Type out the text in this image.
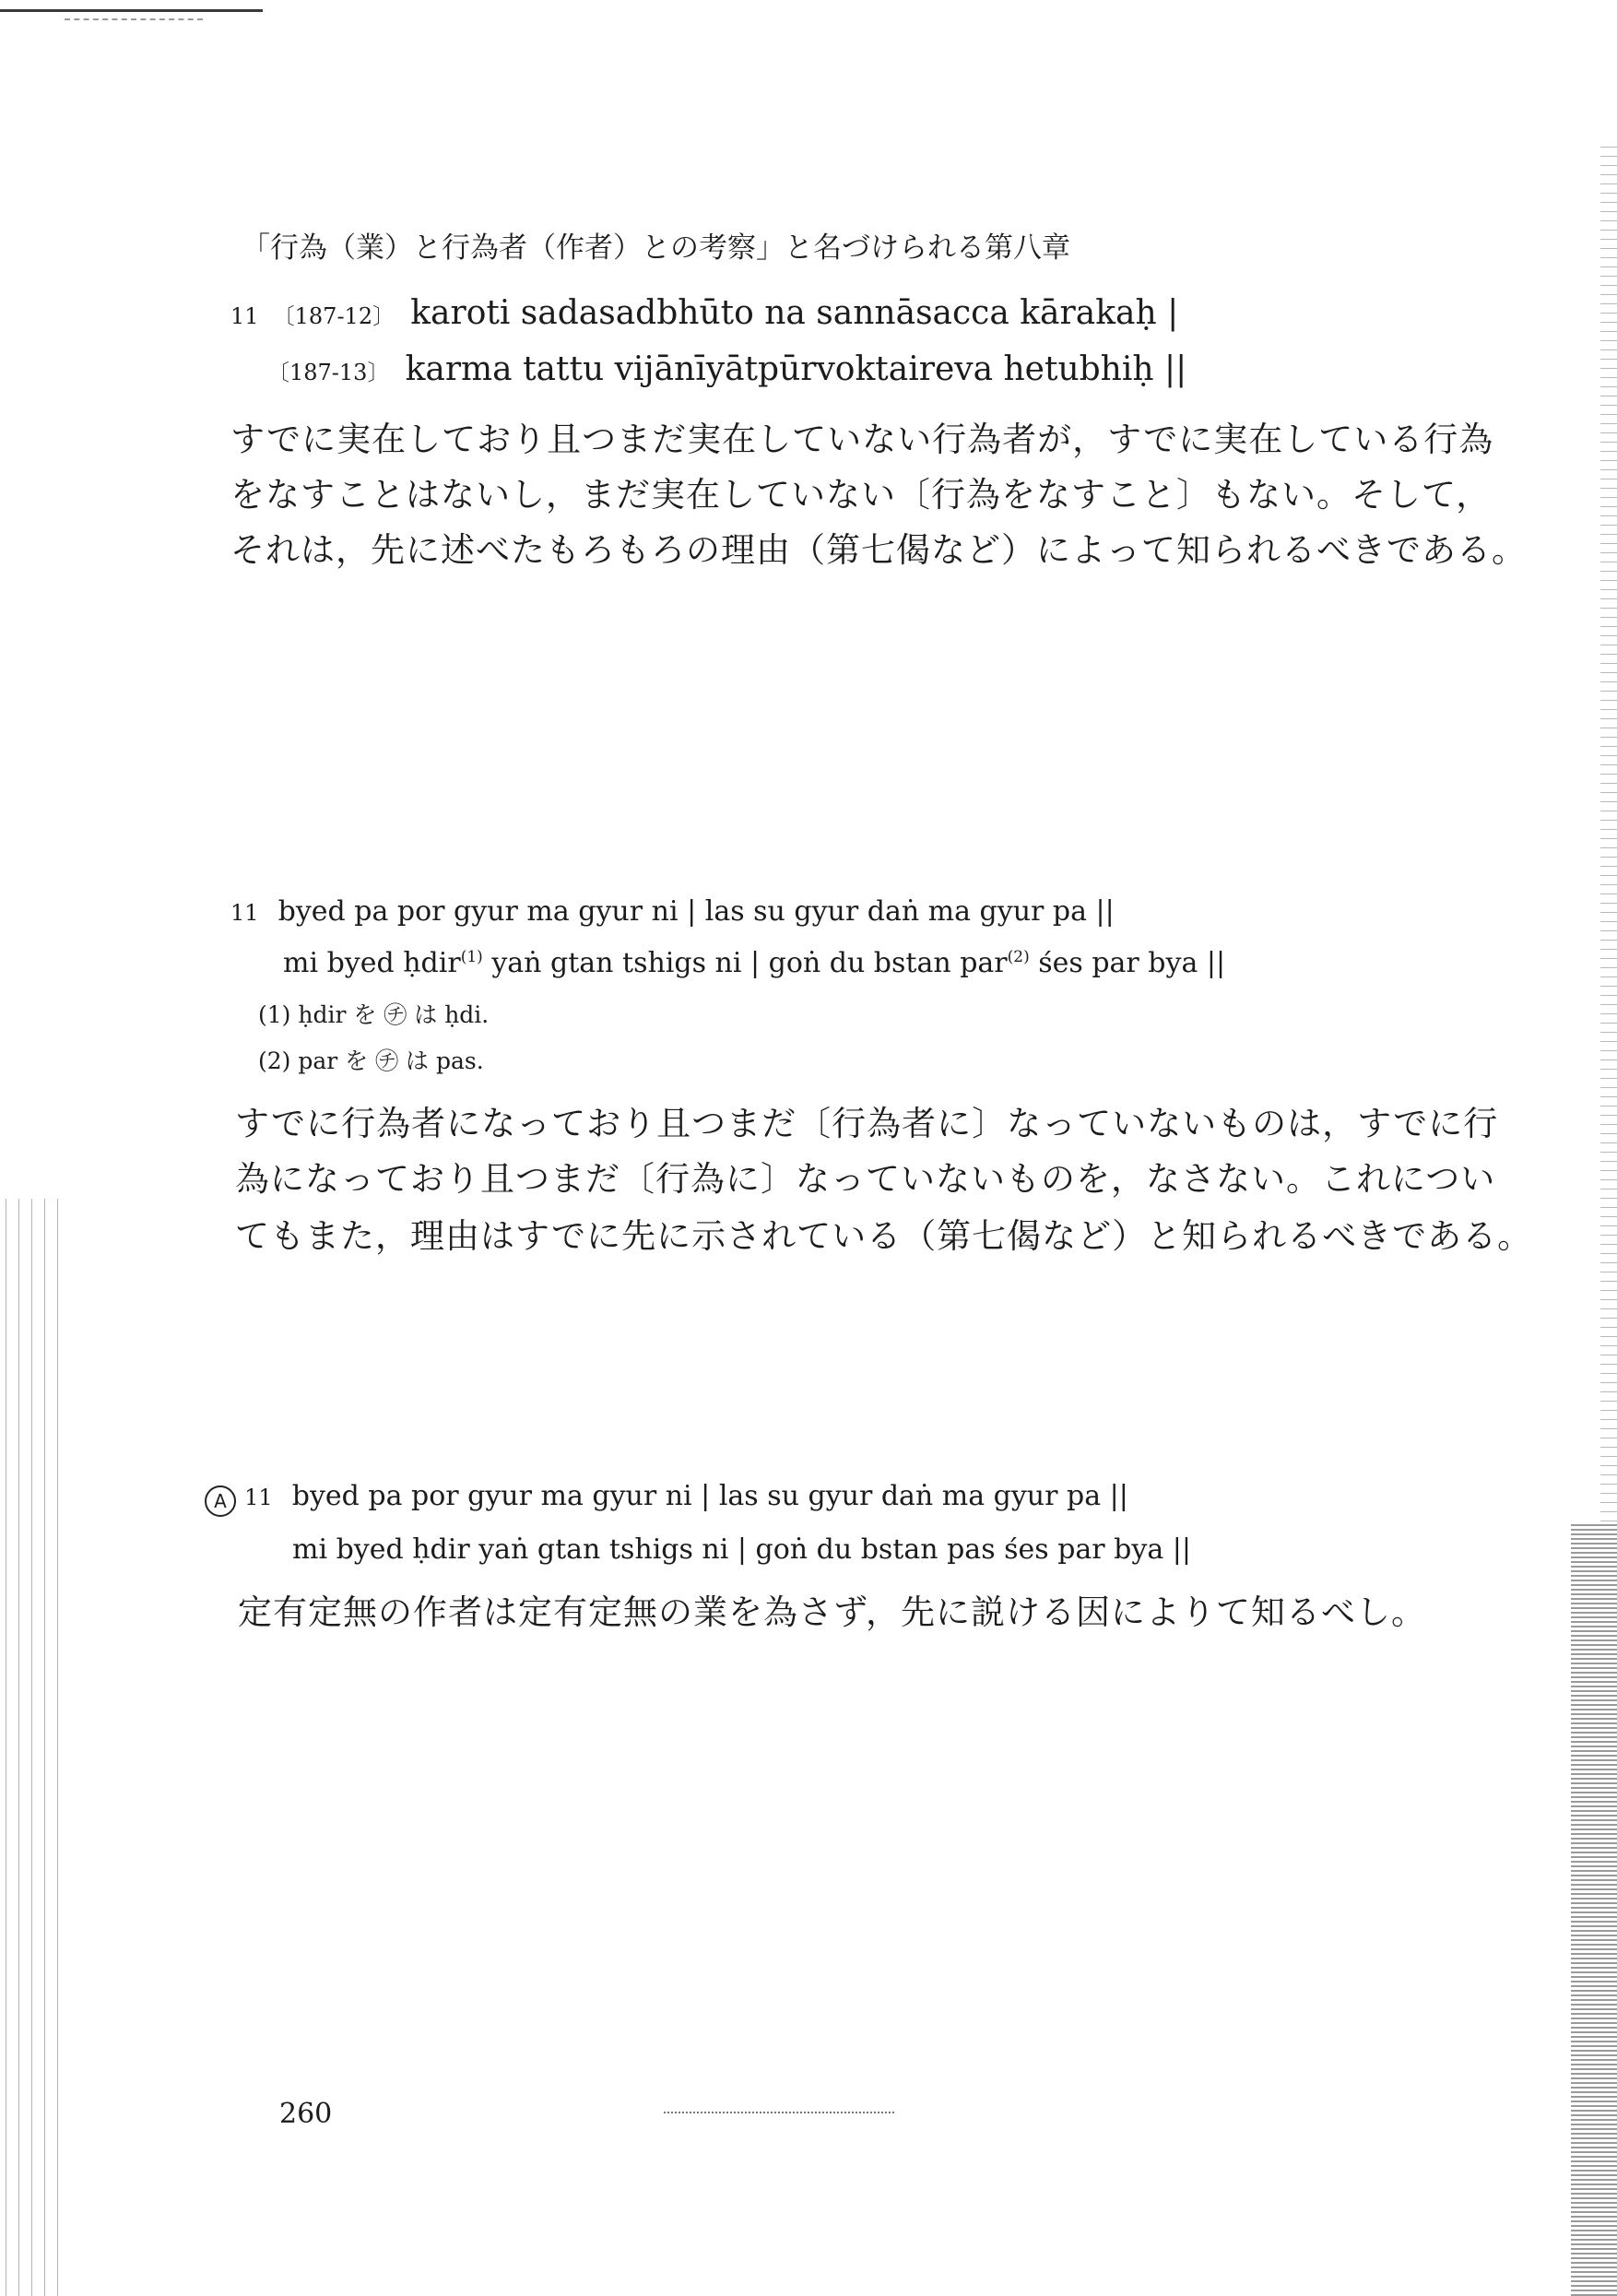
「行為（業）と行為者（作者）との考察」と名づけられる第八章
11 〔187-12〕 karoti sadasadbhūto na sannāsacca kārakaḥ |
〔187-13〕 karma tattu vijānīyātpūrvoktaireva hetubhiḥ ||
すでに実在しており且つまだ実在していない行為者が，すでに実在している行為
をなすことはないし，まだ実在していない〔行為をなすこと〕もない。そして，
それは，先に述べたもろもろの理由（第七偈など）によって知られるべきである。
11 byed pa por gyur ma gyur ni | las su gyur daṅ ma gyur pa ||
mi byed ḥdir$^{(1)}$ yaṅ gtan tshigs ni | goṅ du bstan par$^{(2)}$ śes par bya ||
(1) ḥdir を ㋠ は ḥdi.
(2) par を ㋠ は pas.
すでに行為者になっており且つまだ〔行為者に〕なっていないものは，すでに行
為になっており且つまだ〔行為に〕なっていないものを，なさない。これについ
てもまた，理由はすでに先に示されている（第七偈など）と知られるべきである。
A 11 byed pa por gyur ma gyur ni | las su gyur daṅ ma gyur pa ||
mi byed ḥdir yaṅ gtan tshigs ni | goṅ du bstan pas śes par bya ||
定有定無の作者は定有定無の業を為さず，先に説ける因によりて知るべし。
260
